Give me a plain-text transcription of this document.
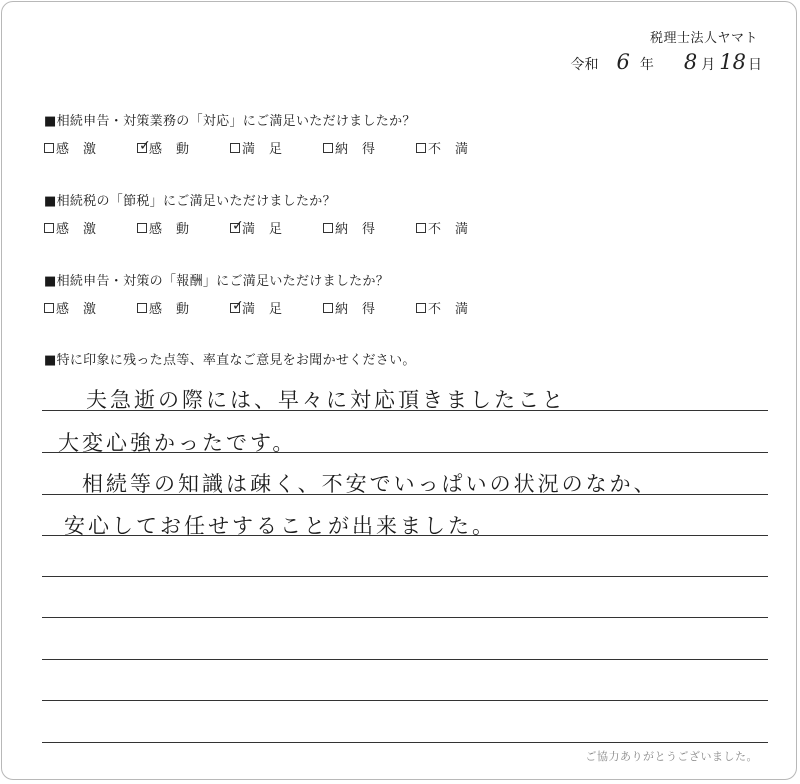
税理士法人ヤマト
令和 6 年 8 月 18 日
■相続申告・対策業務の「対応」にご満足いただけましたか？
感激 ✓
感動	満足	納得	不満
■相続税の「節税」にご満足いただけましたか？
感激	感動 ✓
満足	納得	不満
■相続申告・対策の「報酬」にご満足いただけましたか？
感激	感動 ✓
満足	納得	不満
■特に印象に残った点等、率直なご意見をお聞かせください。
夫急逝の際には、早々に対応頂きましたこと
大変心強かったです。
相続等の知識は疎く、不安でいっぱいの状況のなか、
安心してお任せすることが出来ました。
ご協力ありがとうございました。
